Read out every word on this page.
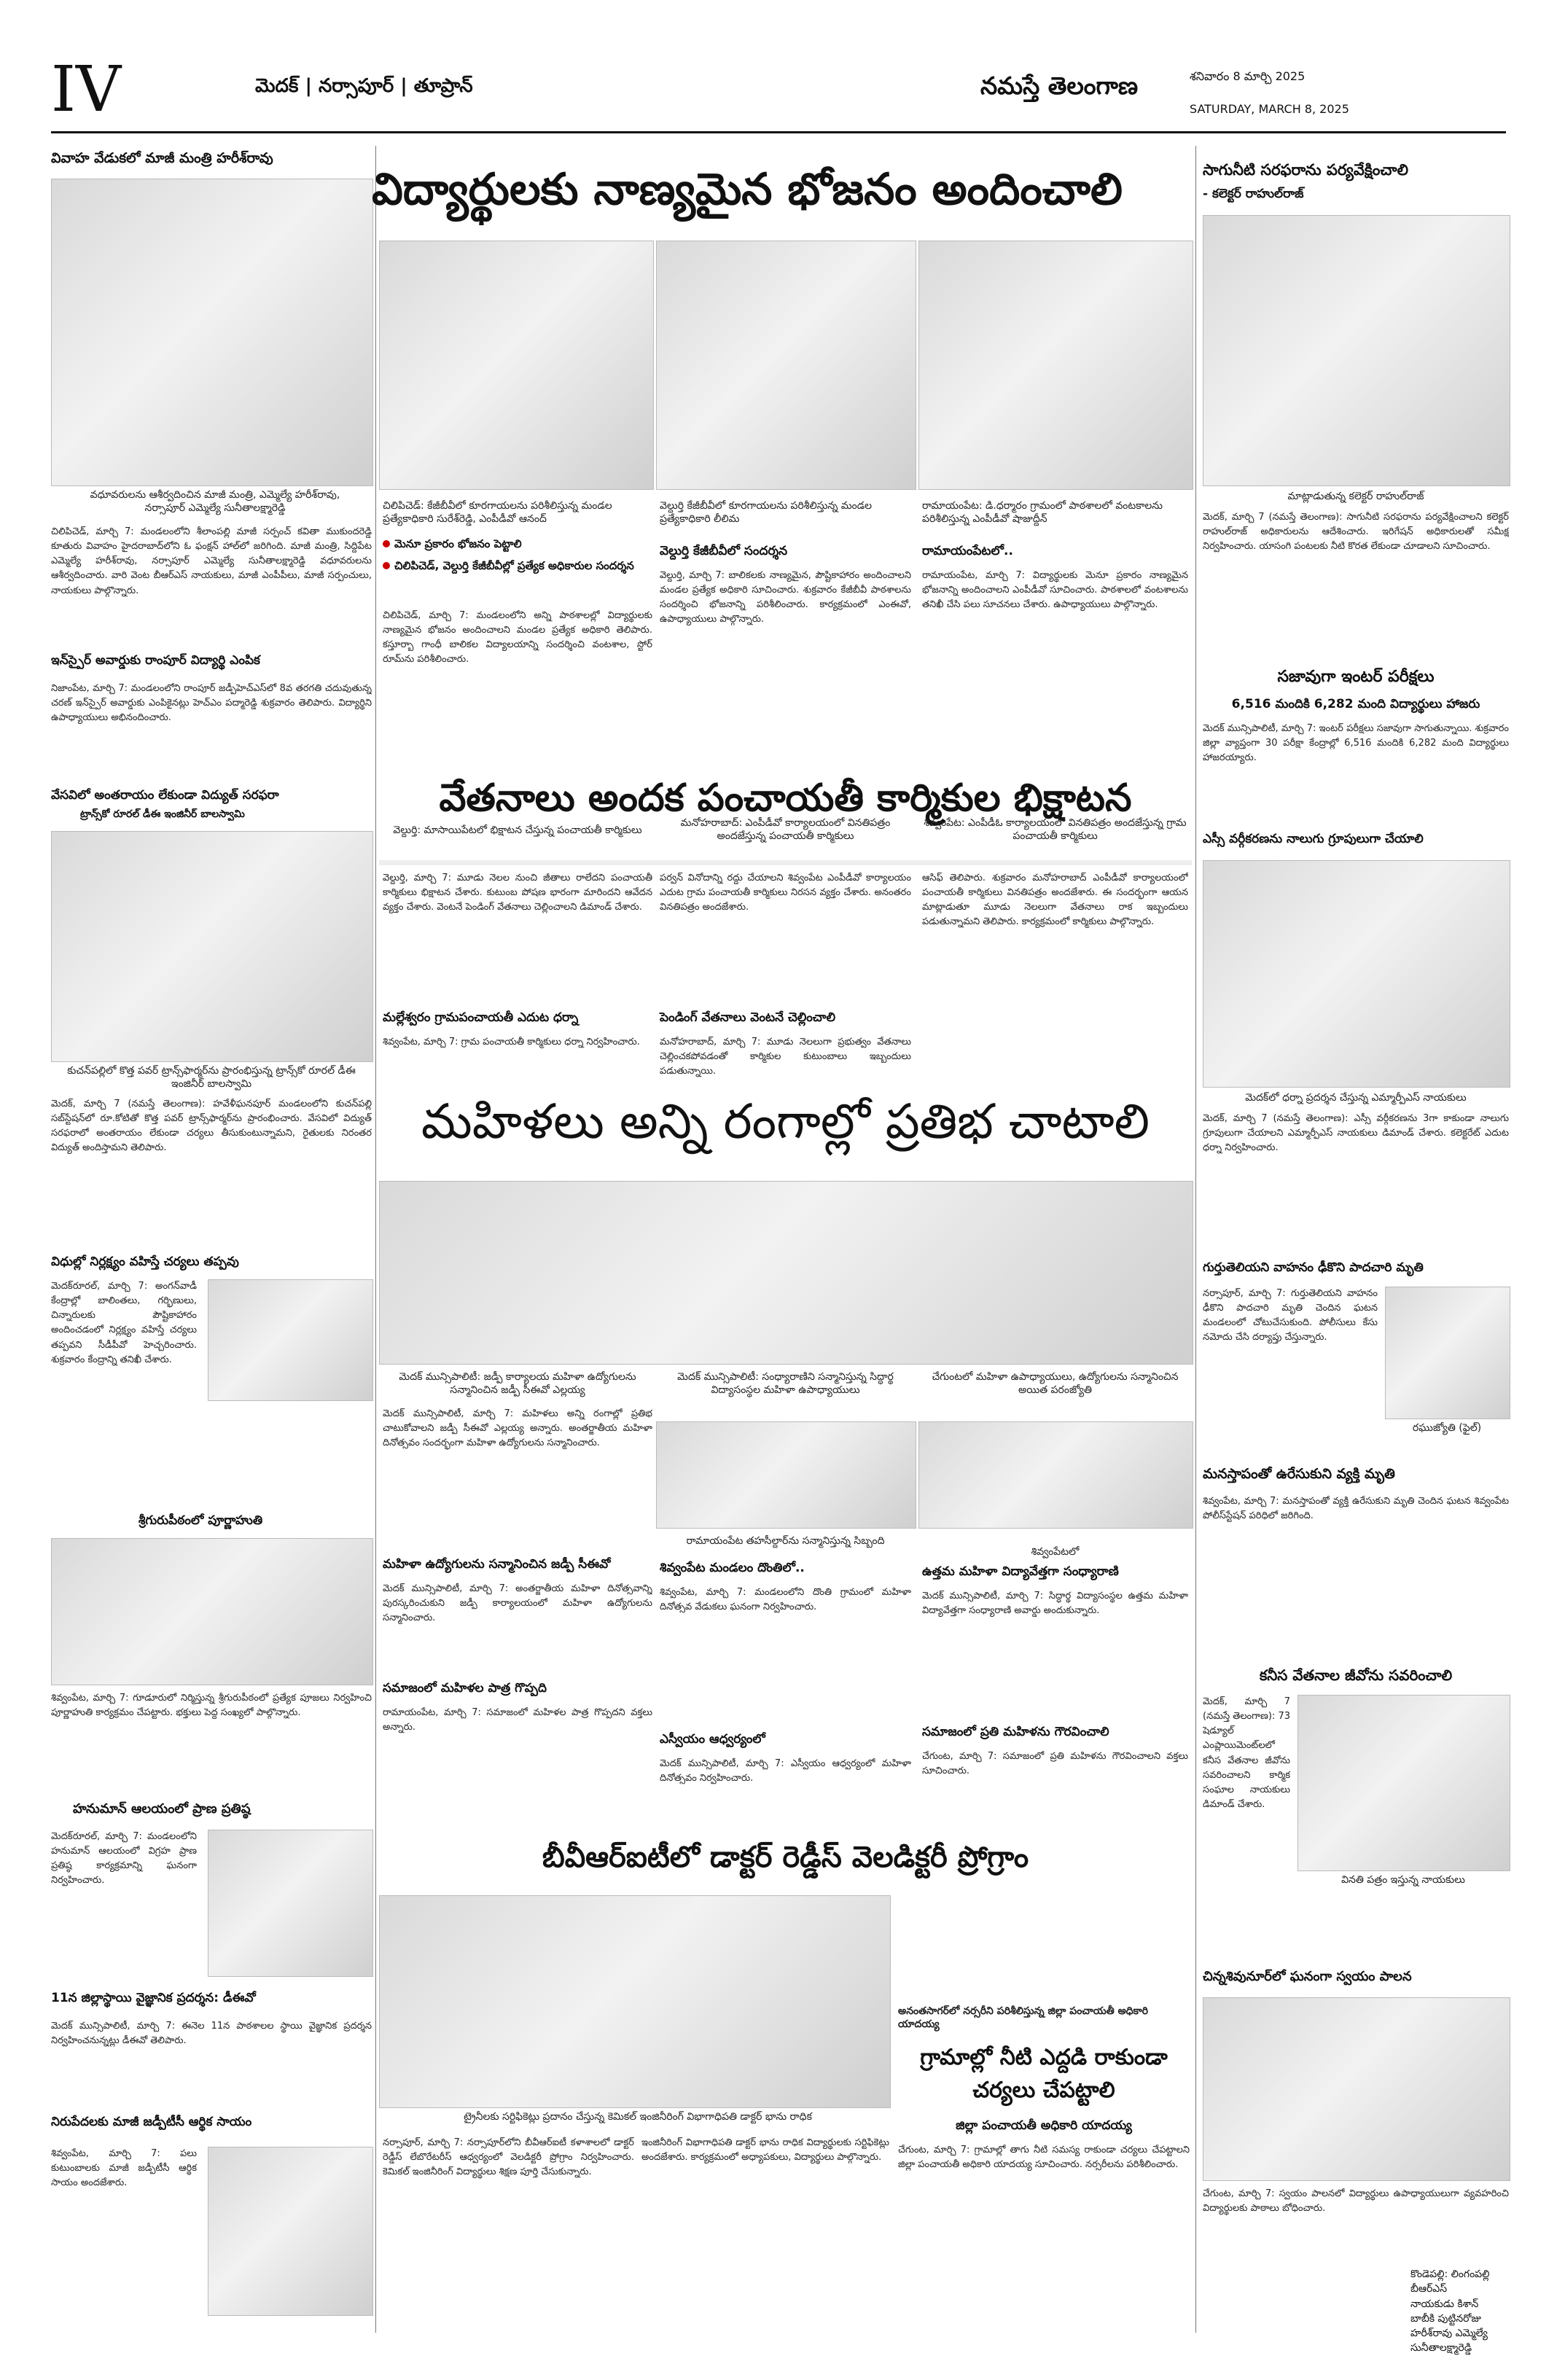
IV	మెదక్ | నర్సాపూర్ | తూప్రాన్	నమస్తే తెలంగాణ	శనివారం 8 మార్చి 2025
SATURDAY, MARCH 8, 2025
వివాహ వేడుకలో మాజీ మంత్రి హరీశ్‌రావు
వధూవరులను ఆశీర్వదించిన మాజీ మంత్రి, ఎమ్మెల్యే హరీశ్‌రావు, నర్సాపూర్ ఎమ్మెల్యే సునీతాలక్ష్మారెడ్డి
చిలిపిచెడ్, మార్చి 7: మండలంలోని శీలాంపల్లి మాజీ సర్పంచ్ కవితా ముకుందరెడ్డి కూతురు వివాహం హైదరాబాద్‌లోని ఓ ఫంక్షన్ హాల్‌లో జరిగింది. మాజీ మంత్రి, సిద్దిపేట ఎమ్మెల్యే హరీశ్‌రావు, నర్సాపూర్ ఎమ్మెల్యే సునీతాలక్ష్మారెడ్డి వధూవరులను ఆశీర్వదించారు. వారి వెంట బీఆర్ఎస్ నాయకులు, మాజీ ఎంపీపీలు, మాజీ సర్పంచులు, నాయకులు పాల్గొన్నారు.
ఇన్‌స్పైర్ అవార్డుకు రాంపూర్ విద్యార్థి ఎంపిక
నిజాంపేట, మార్చి 7: మండలంలోని రాంపూర్ జడ్పీహెచ్‌ఎస్‌లో 8వ తరగతి చదువుతున్న చరణ్ ఇన్‌స్పైర్ అవార్డుకు ఎంపికైనట్లు హెచ్‌ఎం పద్మారెడ్డి శుక్రవారం తెలిపారు. విద్యార్థిని ఉపాధ్యాయులు అభినందించారు.
వేసవిలో అంతరాయం లేకుండా విద్యుత్ సరఫరా
ట్రాన్స్‌కో రూరల్ డీఈ ఇంజినీర్ బాలస్వామి
కుచన్‌పల్లిలో కొత్త పవర్ ట్రాన్స్‌ఫార్మర్‌ను ప్రారంభిస్తున్న ట్రాన్స్‌కో రూరల్ డీఈ ఇంజినీర్ బాలస్వామి
మెదక్, మార్చి 7 (నమస్తే తెలంగాణ): హవేళీఘనపూర్ మండలంలోని కుచన్‌పల్లి సబ్‌స్టేషన్‌లో రూ.కోటితో కొత్త పవర్ ట్రాన్స్‌ఫార్మర్‌ను ప్రారంభించారు. వేసవిలో విద్యుత్ సరఫరాలో అంతరాయం లేకుండా చర్యలు తీసుకుంటున్నామని, రైతులకు నిరంతర విద్యుత్ అందిస్తామని తెలిపారు.
విధుల్లో నిర్లక్ష్యం వహిస్తే చర్యలు తప్పవు
మెదక్‌రూరల్, మార్చి 7: అంగన్‌వాడీ కేంద్రాల్లో బాలింతలు, గర్భిణులు, చిన్నారులకు పౌష్టికాహారం అందించడంలో నిర్లక్ష్యం వహిస్తే చర్యలు తప్పవని సీడీపీవో హెచ్చరించారు. శుక్రవారం కేంద్రాన్ని తనిఖీ చేశారు.
శ్రీగురుపీఠంలో పూర్ణాహుతి
శివ్వంపేట, మార్చి 7: గూడూరులో నిర్మిస్తున్న శ్రీగురుపీఠంలో ప్రత్యేక పూజలు నిర్వహించి పూర్ణాహుతి కార్యక్రమం చేపట్టారు. భక్తులు పెద్ద సంఖ్యలో పాల్గొన్నారు.
హనుమాన్ ఆలయంలో ప్రాణ ప్రతిష్ఠ
మెదక్‌రూరల్, మార్చి 7: మండలంలోని హనుమాన్ ఆలయంలో విగ్రహ ప్రాణ ప్రతిష్ఠ కార్యక్రమాన్ని ఘనంగా నిర్వహించారు.
11న జిల్లాస్థాయి వైజ్ఞానిక ప్రదర్శన: డీఈవో
మెదక్ మున్సిపాలిటీ, మార్చి 7: ఈనెల 11న పాఠశాలల స్థాయి వైజ్ఞానిక ప్రదర్శన నిర్వహించనున్నట్లు డీఈవో తెలిపారు.
నిరుపేదలకు మాజీ జడ్పీటీసీ ఆర్థిక సాయం
శివ్వంపేట, మార్చి 7: పలు కుటుంబాలకు మాజీ జడ్పీటీసీ ఆర్థిక సాయం అందజేశారు.
విద్యార్థులకు నాణ్యమైన భోజనం అందించాలి
చిలిపిచెడ్: కేజీబీవీలో కూరగాయలను పరిశీలిస్తున్న మండల ప్రత్యేకాధికారి సురేశ్‌రెడ్డి, ఎంపీడీవో ఆనంద్
మెనూ ప్రకారం భోజనం పెట్టాలి
చిలిపిచెడ్, వెల్దుర్తి కేజీబీవీల్లో ప్రత్యేక అధికారుల సందర్శన
చిలిపిచెడ్, మార్చి 7: మండలంలోని అన్ని పాఠశాలల్లో విద్యార్థులకు నాణ్యమైన భోజనం అందించాలని మండల ప్రత్యేక అధికారి తెలిపారు. కస్తూర్బా గాంధీ బాలికల విద్యాలయాన్ని సందర్శించి వంటశాల, స్టోర్ రూమ్‌ను పరిశీలించారు.
వెల్దుర్తి కేజీబీవీలో కూరగాయలను పరిశీలిస్తున్న మండల ప్రత్యేకాధికారి లీలిమ
వెల్దుర్తి కేజీబీవీలో సందర్శన
వెల్దుర్తి, మార్చి 7: బాలికలకు నాణ్యమైన, పౌష్టికాహారం అందించాలని మండల ప్రత్యేక అధికారి సూచించారు. శుక్రవారం కేజీబీవీ పాఠశాలను సందర్శించి భోజనాన్ని పరిశీలించారు. కార్యక్రమంలో ఎంఈవో, ఉపాధ్యాయులు పాల్గొన్నారు.
రామాయంపేట: డి.ధర్మారం గ్రామంలో పాఠశాలలో వంటకాలను పరిశీలిస్తున్న ఎంపీడీవో షాజుద్దీన్
రామాయంపేటలో..
రామాయంపేట, మార్చి 7: విద్యార్థులకు మెనూ ప్రకారం నాణ్యమైన భోజనాన్ని అందించాలని ఎంపీడీవో సూచించారు. పాఠశాలలో వంటశాలను తనిఖీ చేసి పలు సూచనలు చేశారు. ఉపాధ్యాయులు పాల్గొన్నారు.
వేతనాలు అందక పంచాయతీ కార్మికుల భిక్షాటన
వెల్దుర్తి: మాసాయిపేటలో భిక్షాటన చేస్తున్న పంచాయతీ కార్మికులు
మనోహరాబాద్: ఎంపీడీవో కార్యాలయంలో వినతిపత్రం అందజేస్తున్న పంచాయతీ కార్మికులు
శివ్వంపేట: ఎంపీడీఓ కార్యాలయంలో వినతిపత్రం అందజేస్తున్న గ్రామ పంచాయతీ కార్మికులు
వెల్దుర్తి, మార్చి 7: మూడు నెలల నుంచి జీతాలు రాలేదని పంచాయతీ కార్మికులు భిక్షాటన చేశారు. కుటుంబ పోషణ భారంగా మారిందని ఆవేదన వ్యక్తం చేశారు. వెంటనే పెండింగ్ వేతనాలు చెల్లించాలని డిమాండ్ చేశారు.
మల్లేశ్వరం గ్రామపంచాయతీ ఎదుట ధర్నా
శివ్వంపేట, మార్చి 7: గ్రామ పంచాయతీ కార్మికులు ధర్నా నిర్వహించారు.
పర్వన్ వినోదాన్ని రద్దు చేయాలని శివ్వంపేట ఎంపీడీవో కార్యాలయం ఎదుట గ్రామ పంచాయతీ కార్మికులు నిరసన వ్యక్తం చేశారు. అనంతరం వినతిపత్రం అందజేశారు.
పెండింగ్ వేతనాలు వెంటనే చెల్లించాలి
మనోహరాబాద్, మార్చి 7: మూడు నెలలుగా ప్రభుత్వం వేతనాలు చెల్లించకపోవడంతో కార్మికుల కుటుంబాలు ఇబ్బందులు పడుతున్నాయి.
ఆసిఫ్ తెలిపారు. శుక్రవారం మనోహరాబాద్ ఎంపీడీవో కార్యాలయంలో పంచాయతీ కార్మికులు వినతిపత్రం అందజేశారు. ఈ సందర్భంగా ఆయన మాట్లాడుతూ మూడు నెలలుగా వేతనాలు రాక ఇబ్బందులు పడుతున్నామని తెలిపారు. కార్యక్రమంలో కార్మికులు పాల్గొన్నారు.
మహిళలు అన్ని రంగాల్లో ప్రతిభ చాటాలి
మెదక్ మున్సిపాలిటీ: జడ్పీ కార్యాలయ మహిళా ఉద్యోగులను సన్మానించిన జడ్పీ సీఈవో ఎల్లయ్య
మెదక్ మున్సిపాలిటీ, మార్చి 7: మహిళలు అన్ని రంగాల్లో ప్రతిభ చాటుకోవాలని జడ్పీ సీఈవో ఎల్లయ్య అన్నారు. అంతర్జాతీయ మహిళా దినోత్సవం సందర్భంగా మహిళా ఉద్యోగులను సన్మానించారు.
మహిళా ఉద్యోగులను సన్మానించిన జడ్పీ సీఈవో
మెదక్ మున్సిపాలిటీ, మార్చి 7: అంతర్జాతీయ మహిళా దినోత్సవాన్ని పురస్కరించుకుని జడ్పీ కార్యాలయంలో మహిళా ఉద్యోగులను సన్మానించారు.
సమాజంలో మహిళల పాత్ర గొప్పది
రామాయంపేట, మార్చి 7: సమాజంలో మహిళల పాత్ర గొప్పదని వక్తలు అన్నారు.
మెదక్ మున్సిపాలిటీ: సంధ్యారాణిని సన్మానిస్తున్న సిద్ధార్థ విద్యాసంస్థల మహిళా ఉపాధ్యాయులు
రామాయంపేట తహసీల్దార్‌ను సన్మానిస్తున్న సిబ్బంది
శివ్వంపేట మండలం దొంతిలో..
శివ్వంపేట, మార్చి 7: మండలంలోని దొంతి గ్రామంలో మహిళా దినోత్సవ వేడుకలు ఘనంగా నిర్వహించారు.
ఎస్వీయం ఆధ్వర్యంలో
మెదక్ మున్సిపాలిటీ, మార్చి 7: ఎస్వీయం ఆధ్వర్యంలో మహిళా దినోత్సవం నిర్వహించారు.
చేగుంటలో మహిళా ఉపాధ్యాయులు, ఉద్యోగులను సన్మానించిన అయిత పరంజ్యోతి
శివ్వంపేటలో
ఉత్తమ మహిళా విద్యావేత్తగా సంధ్యారాణి
మెదక్ మున్సిపాలిటీ, మార్చి 7: సిద్ధార్థ విద్యాసంస్థల ఉత్తమ మహిళా విద్యావేత్తగా సంధ్యారాణి అవార్డు అందుకున్నారు.
సమాజంలో ప్రతి మహిళను గౌరవించాలి
చేగుంట, మార్చి 7: సమాజంలో ప్రతి మహిళను గౌరవించాలని వక్తలు సూచించారు.
బీవీఆర్ఐటీలో డాక్టర్ రెడ్డీస్ వెలడిక్టరీ ప్రోగ్రాం
ట్రైనీలకు సర్టిఫికెట్లు ప్రదానం చేస్తున్న కెమికల్ ఇంజినీరింగ్ విభాగాధిపతి డాక్టర్ భాను రాధిక
నర్సాపూర్, మార్చి 7: నర్సాపూర్‌లోని బీవీఆర్ఐటీ కళాశాలలో డాక్టర్ రెడ్డీస్ లేబొరేటరీస్ ఆధ్వర్యంలో వెలడిక్టరీ ప్రోగ్రాం నిర్వహించారు. కెమికల్ ఇంజినీరింగ్ విద్యార్థులు శిక్షణ పూర్తి చేసుకున్నారు.
ఇంజినీరింగ్ విభాగాధిపతి డాక్టర్ భాను రాధిక విద్యార్థులకు సర్టిఫికెట్లు అందజేశారు. కార్యక్రమంలో అధ్యాపకులు, విద్యార్థులు పాల్గొన్నారు.
అనంతసాగర్‌లో నర్సరీని పరిశీలిస్తున్న జిల్లా పంచాయతీ అధికారి యాదయ్య
గ్రామాల్లో నీటి ఎద్దడి రాకుండా చర్యలు చేపట్టాలి
జిల్లా పంచాయతీ అధికారి యాదయ్య
చేగుంట, మార్చి 7: గ్రామాల్లో తాగు నీటి సమస్య రాకుండా చర్యలు చేపట్టాలని జిల్లా పంచాయతీ అధికారి యాదయ్య సూచించారు. నర్సరీలను పరిశీలించారు.
సాగునీటి సరఫరాను పర్యవేక్షించాలి
- కలెక్టర్ రాహుల్‌రాజ్
మాట్లాడుతున్న కలెక్టర్ రాహుల్‌రాజ్
మెదక్, మార్చి 7 (నమస్తే తెలంగాణ): సాగునీటి సరఫరాను పర్యవేక్షించాలని కలెక్టర్ రాహుల్‌రాజ్ అధికారులను ఆదేశించారు. ఇరిగేషన్ అధికారులతో సమీక్ష నిర్వహించారు. యాసంగి పంటలకు నీటి కొరత లేకుండా చూడాలని సూచించారు.
సజావుగా ఇంటర్ పరీక్షలు
6,516 మందికి 6,282 మంది విద్యార్థులు హాజరు
మెదక్ మున్సిపాలిటీ, మార్చి 7: ఇంటర్ పరీక్షలు సజావుగా సాగుతున్నాయి. శుక్రవారం జిల్లా వ్యాప్తంగా 30 పరీక్షా కేంద్రాల్లో 6,516 మందికి 6,282 మంది విద్యార్థులు హాజరయ్యారు.
ఎస్సీ వర్గీకరణను నాలుగు గ్రూపులుగా చేయాలి
మెదక్‌లో ధర్నా ప్రదర్శన చేస్తున్న ఎమ్మార్పీఎస్ నాయకులు
మెదక్, మార్చి 7 (నమస్తే తెలంగాణ): ఎస్సీ వర్గీకరణను 3గా కాకుండా నాలుగు గ్రూపులుగా చేయాలని ఎమ్మార్పీఎస్ నాయకులు డిమాండ్ చేశారు. కలెక్టరేట్ ఎదుట ధర్నా నిర్వహించారు.
గుర్తుతెలియని వాహనం ఢీకొని పాదచారి మృతి
నర్సాపూర్, మార్చి 7: గుర్తుతెలియని వాహనం ఢీకొని పాదచారి మృతి చెందిన ఘటన మండలంలో చోటుచేసుకుంది. పోలీసులు కేసు నమోదు చేసి దర్యాప్తు చేస్తున్నారు.
రఘుజ్యోతి (ఫైల్)
మనస్తాపంతో ఉరేసుకుని వ్యక్తి మృతి
శివ్వంపేట, మార్చి 7: మనస్తాపంతో వ్యక్తి ఉరేసుకుని మృతి చెందిన ఘటన శివ్వంపేట పోలీస్‌స్టేషన్ పరిధిలో జరిగింది.
కనీస వేతనాల జీవోను సవరించాలి
మెదక్, మార్చి 7 (నమస్తే తెలంగాణ): 73 షెడ్యూల్ ఎంప్లాయిమెంట్‌లలో కనీస వేతనాల జీవోను సవరించాలని కార్మిక సంఘాల నాయకులు డిమాండ్ చేశారు.
వినతి పత్రం ఇస్తున్న నాయకులు
చిన్నశివునూర్‌లో ఘనంగా స్వయం పాలన
చేగుంట, మార్చి 7: స్వయం పాలనలో విద్యార్థులు ఉపాధ్యాయులుగా వ్యవహరించి విద్యార్థులకు పాఠాలు బోధించారు.
కొండెపల్లి: లింగంపల్లి
బీఆర్ఎస్
నాయకుడు కిశాన్
బాబీకి పుట్టినరోజు
హరీశ్‌రావు ఎమ్మెల్యే
సునీతాలక్ష్మారెడ్డి
